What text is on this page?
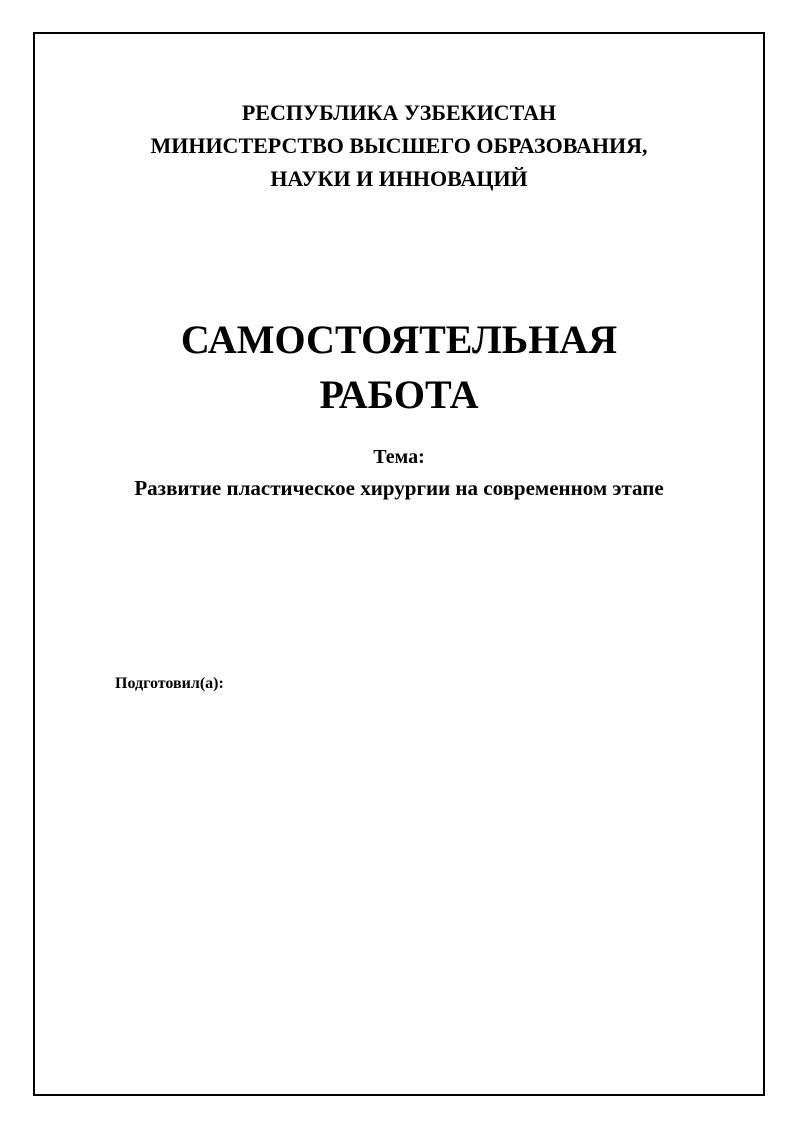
РЕСПУБЛИКА УЗБЕКИСТАН
МИНИСТЕРСТВО ВЫСШЕГО ОБРАЗОВАНИЯ,
НАУКИ И ИННОВАЦИЙ
САМОСТОЯТЕЛЬНАЯ
РАБОТА
Тема:
Развитие пластическое хирургии на современном этапе
Подготовил(а):
